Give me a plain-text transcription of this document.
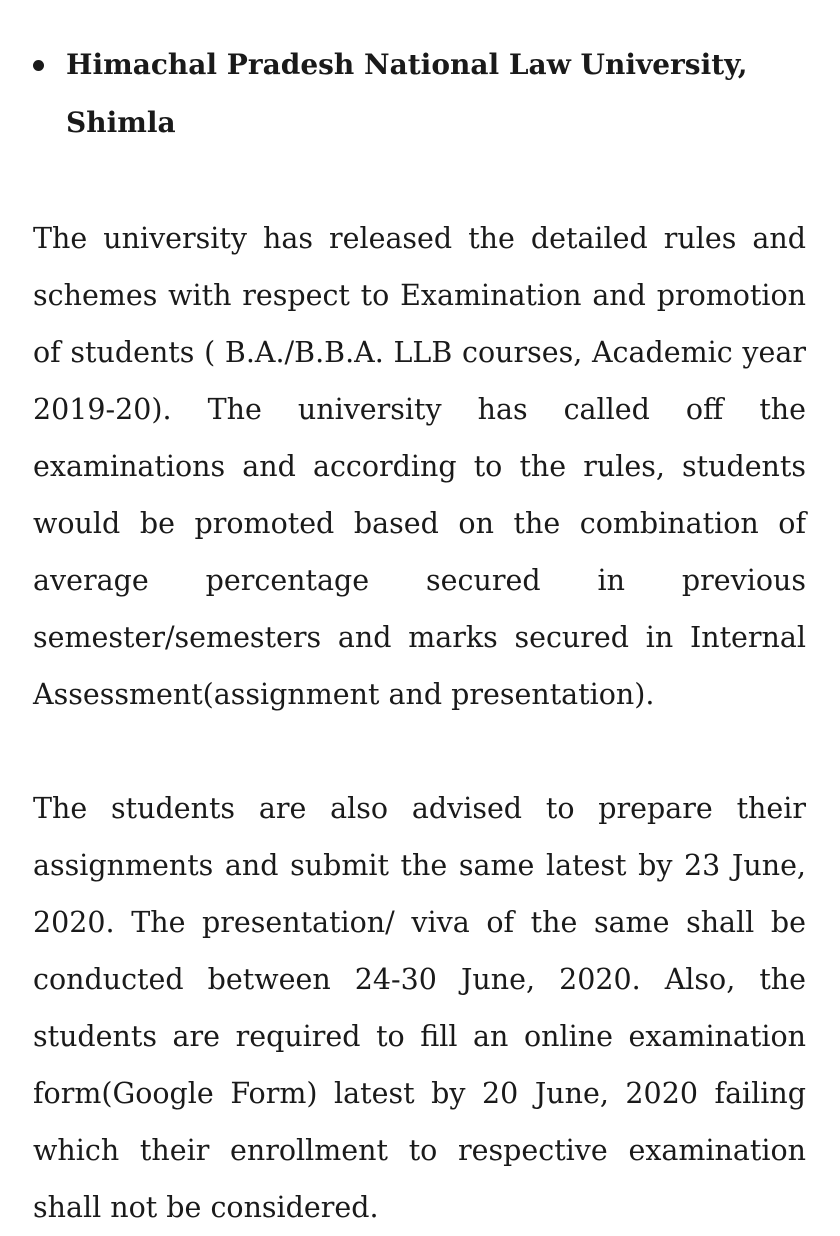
Himachal Pradesh National Law University, Shimla

The university has released the detailed rules and schemes with respect to Examination and promotion of students ( B.A./B.B.A. LLB courses, Academic year 2019-20). The university has called off the examinations and according to the rules, students would be promoted based on the combination of average percentage secured in previous semester/semesters and marks secured in Internal Assessment(assignment and presentation).

The students are also advised to prepare their assignments and submit the same latest by 23 June, 2020. The presentation/ viva of the same shall be conducted between 24-30 June, 2020. Also, the students are required to fill an online examination form(Google Form) latest by 20 June, 2020 failing which their enrollment to respective examination shall not be considered.
